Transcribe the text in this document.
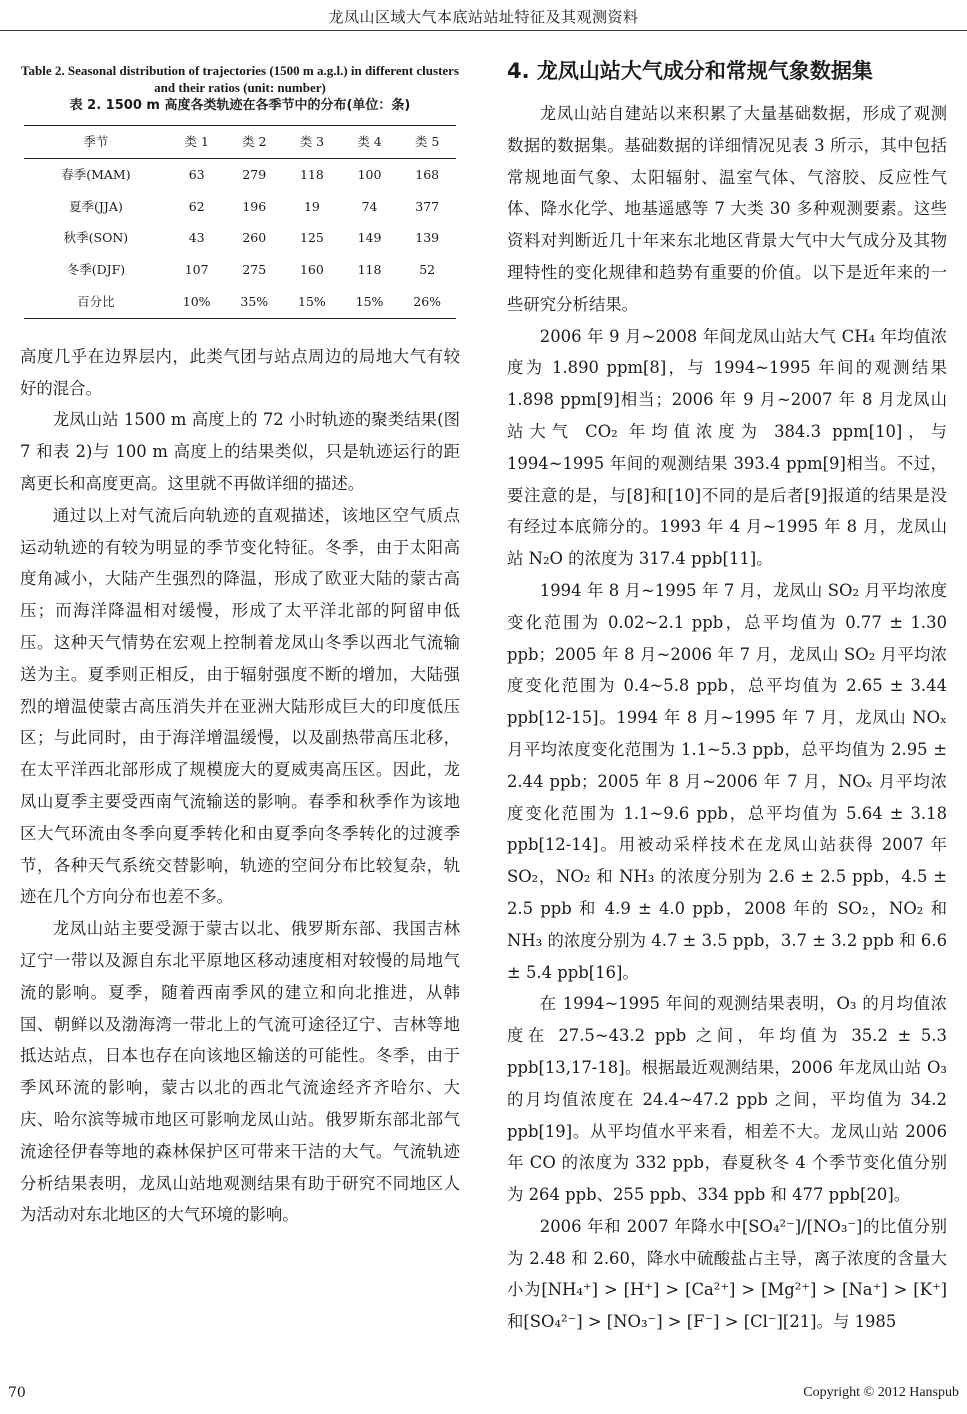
龙凤山区域大气本底站站址特征及其观测资料
Table 2. Seasonal distribution of trajectories (1500 m a.g.l.) in different clusters and their ratios (unit: number)
表 2. 1500 m 高度各类轨迹在各季节中的分布(单位：条)
季节	类 1	类 2	类 3	类 4	类 5
春季(MAM)	63	279	118	100	168
夏季(JJA)	62	196	19	74	377
秋季(SON)	43	260	125	149	139
冬季(DJF)	107	275	160	118	52
百分比	10%	35%	15%	15%	26%

高度几乎在边界层内，此类气团与站点周边的局地大气有较好的混合。

龙凤山站 1500 m 高度上的 72 小时轨迹的聚类结果(图 7 和表 2)与 100 m 高度上的结果类似，只是轨迹运行的距离更长和高度更高。这里就不再做详细的描述。

通过以上对气流后向轨迹的直观描述，该地区空气质点运动轨迹的有较为明显的季节变化特征。冬季，由于太阳高度角减小，大陆产生强烈的降温，形成了欧亚大陆的蒙古高压；而海洋降温相对缓慢，形成了太平洋北部的阿留申低压。这种天气情势在宏观上控制着龙凤山冬季以西北气流输送为主。夏季则正相反，由于辐射强度不断的增加，大陆强烈的增温使蒙古高压消失并在亚洲大陆形成巨大的印度低压区；与此同时，由于海洋增温缓慢，以及副热带高压北移，在太平洋西北部形成了规模庞大的夏威夷高压区。因此，龙凤山夏季主要受西南气流输送的影响。春季和秋季作为该地区大气环流由冬季向夏季转化和由夏季向冬季转化的过渡季节，各种天气系统交替影响，轨迹的空间分布比较复杂，轨迹在几个方向分布也差不多。

龙凤山站主要受源于蒙古以北、俄罗斯东部、我国吉林辽宁一带以及源自东北平原地区移动速度相对较慢的局地气流的影响。夏季，随着西南季风的建立和向北推进，从韩国、朝鲜以及渤海湾一带北上的气流可途径辽宁、吉林等地抵达站点，日本也存在向该地区输送的可能性。冬季，由于季风环流的影响，蒙古以北的西北气流途经齐齐哈尔、大庆、哈尔滨等城市地区可影响龙凤山站。俄罗斯东部北部气流途径伊春等地的森林保护区可带来干洁的大气。气流轨迹分析结果表明，龙凤山站地观测结果有助于研究不同地区人为活动对东北地区的大气环境的影响。

4. 龙凤山站大气成分和常规气象数据集

龙凤山站自建站以来积累了大量基础数据，形成了观测数据的数据集。基础数据的详细情况见表 3 所示，其中包括常规地面气象、太阳辐射、温室气体、气溶胶、反应性气体、降水化学、地基遥感等 7 大类 30 多种观测要素。这些资料对判断近几十年来东北地区背景大气中大气成分及其物理特性的变化规律和趋势有重要的价值。以下是近年来的一些研究分析结果。

2006 年 9 月~2008 年间龙凤山站大气 CH₄ 年均值浓度为 1.890 ppm[8]，与 1994~1995 年间的观测结果 1.898 ppm[9]相当；2006 年 9 月~2007 年 8 月龙凤山站大气 CO₂ 年均值浓度为 384.3 ppm[10]，与 1994~1995 年间的观测结果 393.4 ppm[9]相当。不过，要注意的是，与[8]和[10]不同的是后者[9]报道的结果是没有经过本底筛分的。1993 年 4 月~1995 年 8 月，龙凤山站 N₂O 的浓度为 317.4 ppb[11]。

1994 年 8 月~1995 年 7 月，龙凤山 SO₂ 月平均浓度变化范围为 0.02~2.1 ppb，总平均值为 0.77 ± 1.30 ppb；2005 年 8 月~2006 年 7 月，龙凤山 SO₂ 月平均浓度变化范围为 0.4~5.8 ppb，总平均值为 2.65 ± 3.44 ppb[12-15]。1994 年 8 月~1995 年 7 月，龙凤山 NOₓ 月平均浓度变化范围为 1.1~5.3 ppb，总平均值为 2.95 ± 2.44 ppb；2005 年 8 月~2006 年 7 月，NOₓ 月平均浓度变化范围为 1.1~9.6 ppb，总平均值为 5.64 ± 3.18 ppb[12-14]。用被动采样技术在龙凤山站获得 2007 年 SO₂，NO₂ 和 NH₃ 的浓度分别为 2.6 ± 2.5 ppb，4.5 ± 2.5 ppb 和 4.9 ± 4.0 ppb，2008 年的 SO₂，NO₂ 和 NH₃ 的浓度分别为 4.7 ± 3.5 ppb，3.7 ± 3.2 ppb 和 6.6 ± 5.4 ppb[16]。

在 1994~1995 年间的观测结果表明，O₃ 的月均值浓度在 27.5~43.2 ppb 之间，年均值为 35.2 ± 5.3 ppb[13,17-18]。根据最近观测结果，2006 年龙凤山站 O₃ 的月均值浓度在 24.4~47.2 ppb 之间，平均值为 34.2 ppb[19]。从平均值水平来看，相差不大。龙凤山站 2006 年 CO 的浓度为 332 ppb，春夏秋冬 4 个季节变化值分别为 264 ppb、255 ppb、334 ppb 和 477 ppb[20]。

2006 年和 2007 年降水中[SO₄²⁻]/[NO₃⁻]的比值分别为 2.48 和 2.60，降水中硫酸盐占主导，离子浓度的含量大小为[NH₄⁺] > [H⁺] > [Ca²⁺] > [Mg²⁺] > [Na⁺] > [K⁺]和[SO₄²⁻] > [NO₃⁻] > [F⁻] > [Cl⁻][21]。与 1985

70	Copyright © 2012 Hanspub
